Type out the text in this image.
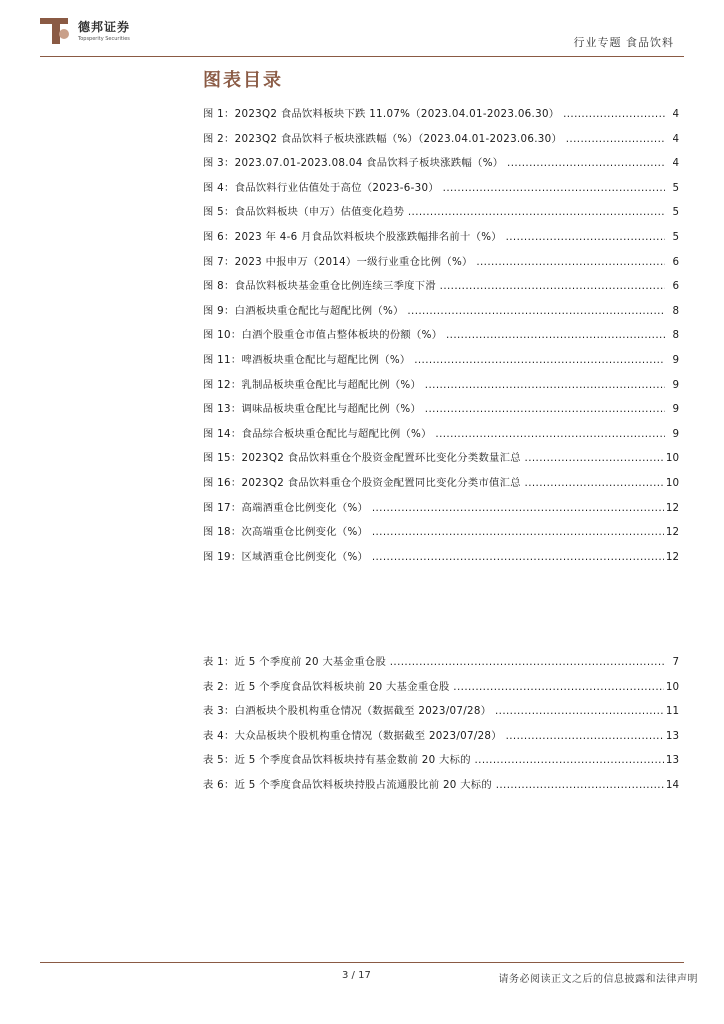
德邦证券
Topsperity Securities	行业专题 食品饮料
图表目录
图 1：2023Q2 食品饮料板块下跌 11.07%（2023.04.01-2023.06.30） .....	4
图 2：2023Q2 食品饮料子板块涨跌幅（%）（2023.04.01-2023.06.30） .....	4
图 3：2023.07.01-2023.08.04 食品饮料子板块涨跌幅（%） .....	4
图 4：食品饮料行业估值处于高位（2023-6-30） .....	5
图 5：食品饮料板块（申万）估值变化趋势 .....	5
图 6：2023 年 4-6 月食品饮料板块个股涨跌幅排名前十（%） .....	5
图 7：2023 中报申万（2014）一级行业重仓比例（%） .....	6
图 8：食品饮料板块基金重仓比例连续三季度下滑 .....	6
图 9：白酒板块重仓配比与超配比例（%） .....	8
图 10：白酒个股重仓市值占整体板块的份额（%） .....	8
图 11：啤酒板块重仓配比与超配比例（%） .....	9
图 12：乳制品板块重仓配比与超配比例（%） .....	9
图 13：调味品板块重仓配比与超配比例（%） .....	9
图 14：食品综合板块重仓配比与超配比例（%） .....	9
图 15：2023Q2 食品饮料重仓个股资金配置环比变化分类数量汇总 .....	10
图 16：2023Q2 食品饮料重仓个股资金配置同比变化分类市值汇总 .....	10
图 17：高端酒重仓比例变化（%） .....	12
图 18：次高端重仓比例变化（%） .....	12
图 19：区域酒重仓比例变化（%） .....	12
表 1：近 5 个季度前 20 大基金重仓股 .....	7
表 2：近 5 个季度食品饮料板块前 20 大基金重仓股 .....	10
表 3：白酒板块个股机构重仓情况（数据截至 2023/07/28） .....	11
表 4：大众品板块个股机构重仓情况（数据截至 2023/07/28） .....	13
表 5：近 5 个季度食品饮料板块持有基金数前 20 大标的 .....	13
表 6：近 5 个季度食品饮料板块持股占流通股比前 20 大标的 .....	14
3 / 17	请务必阅读正文之后的信息披露和法律声明
